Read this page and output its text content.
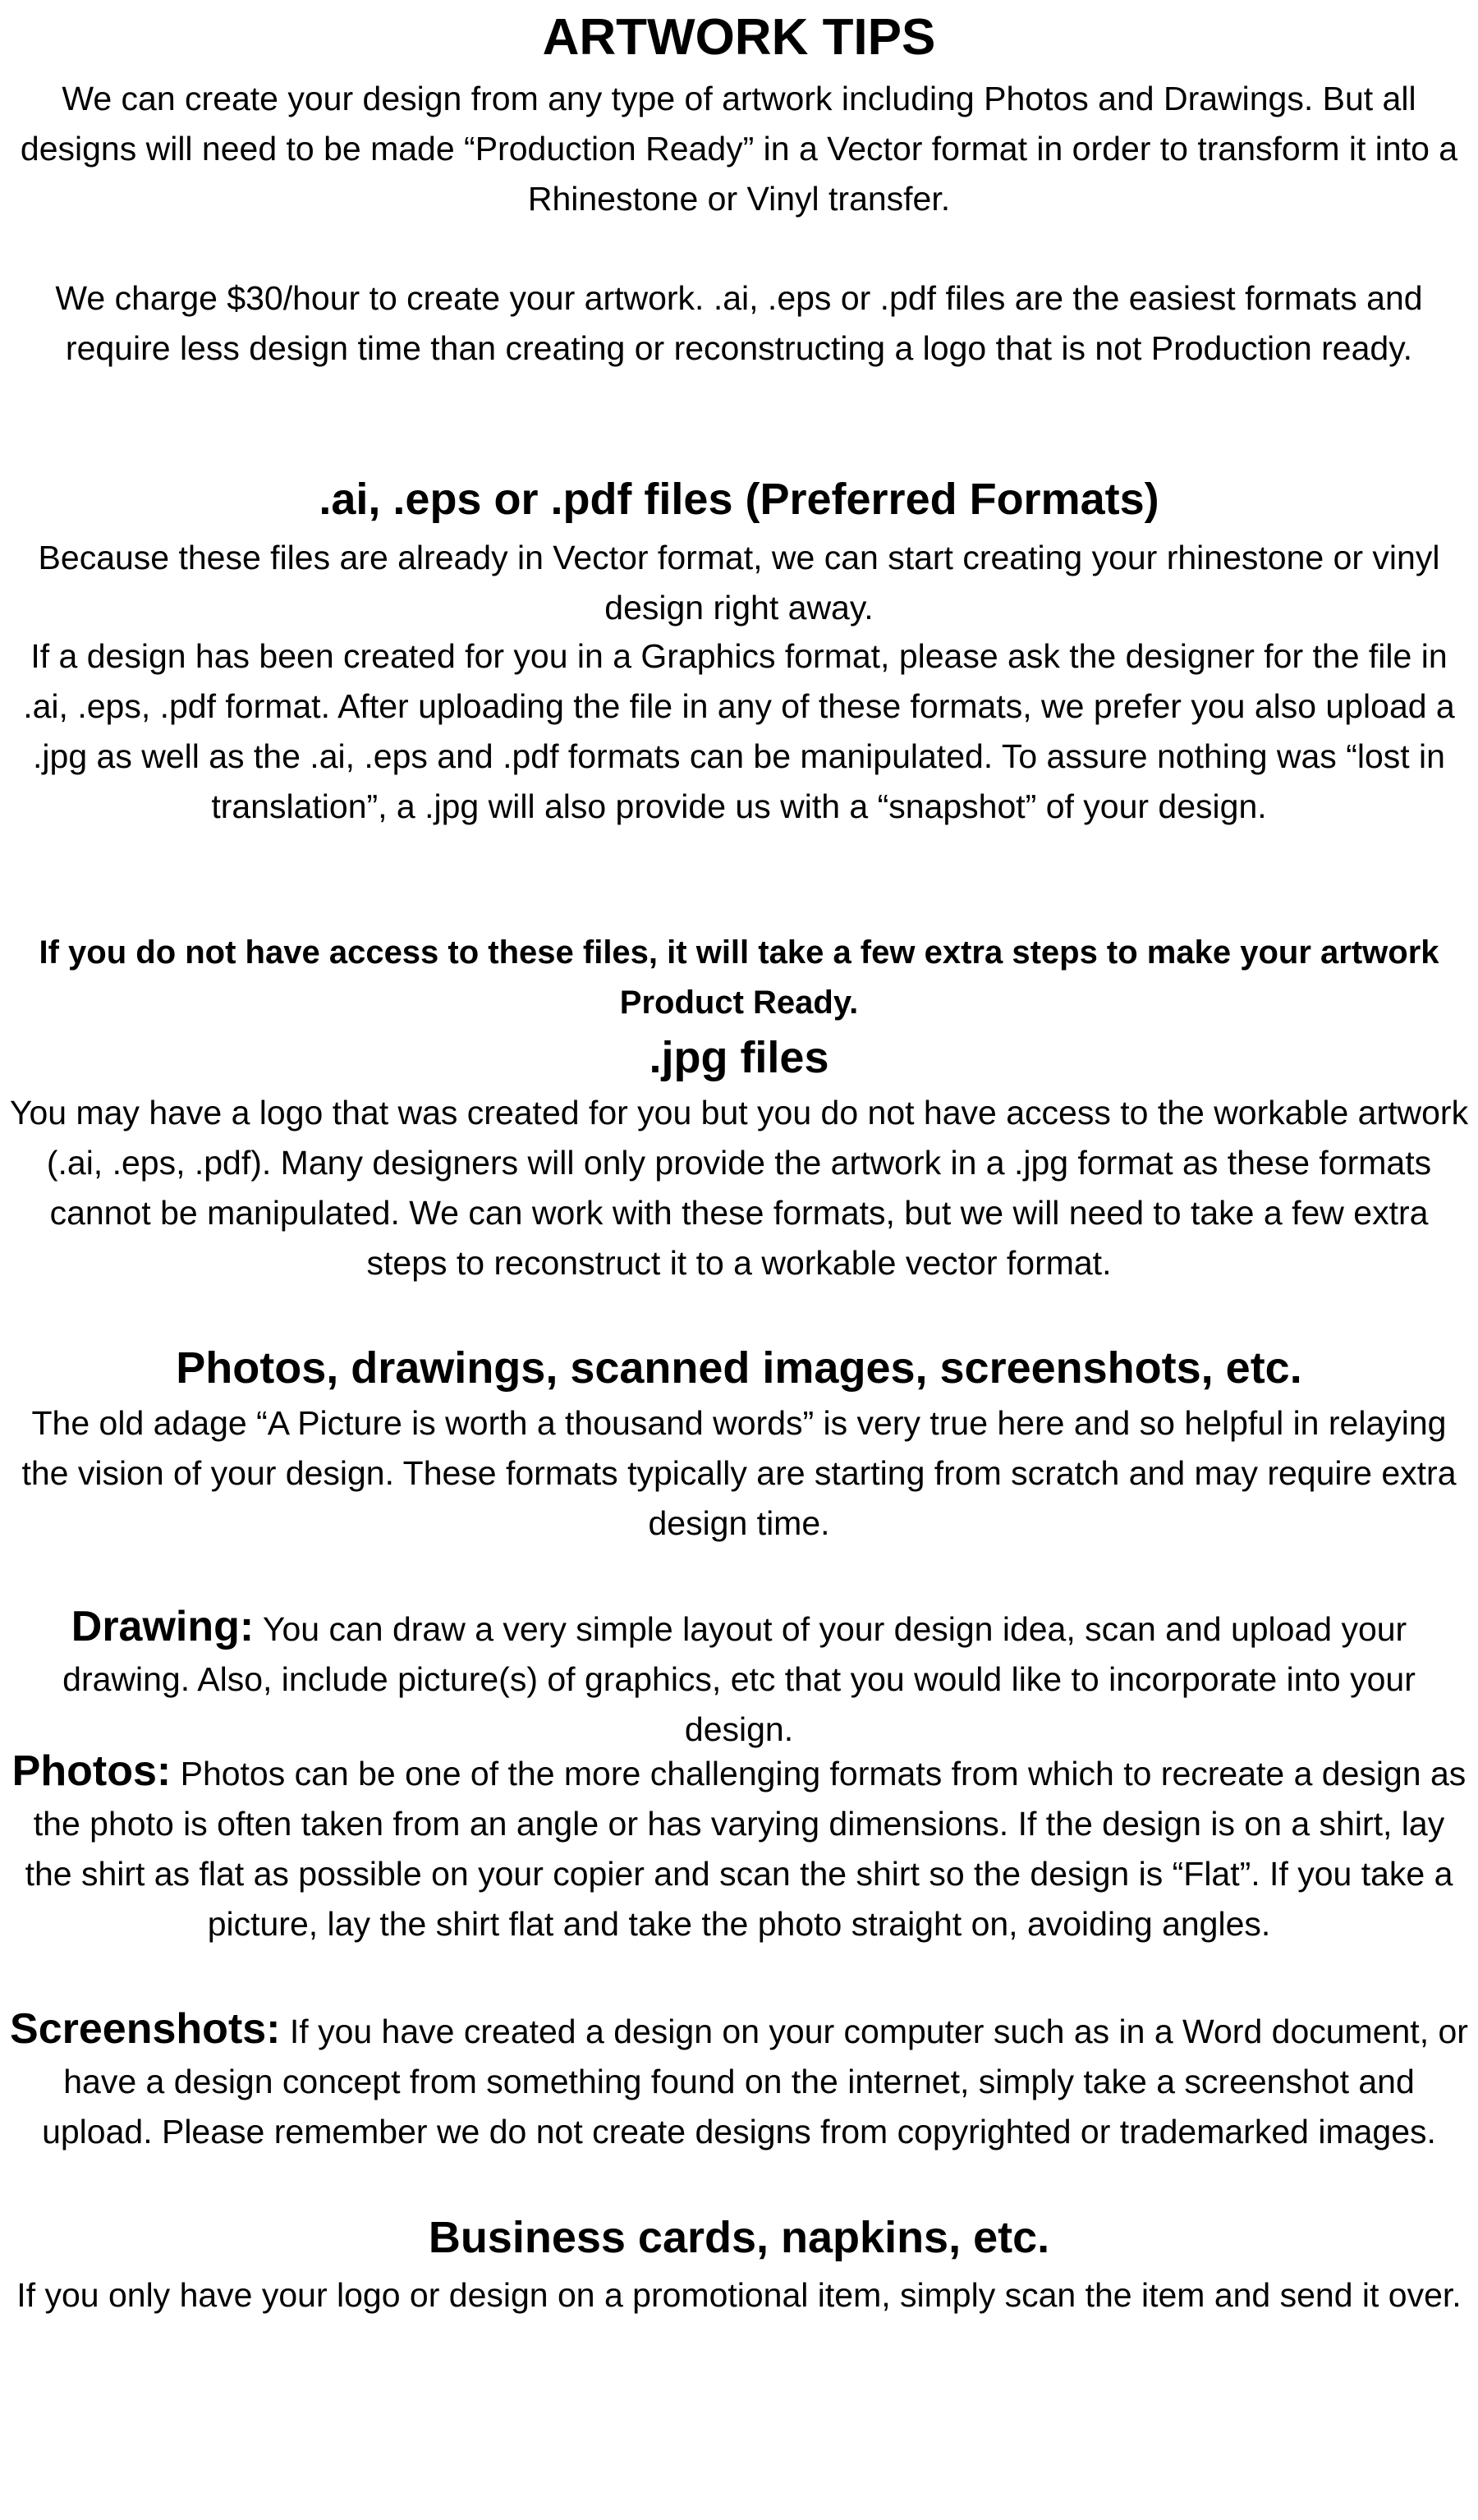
ARTWORK TIPS

We can create your design from any type of artwork including Photos and Drawings. But all designs will need to be made “Production Ready” in a Vector format in order to transform it into a Rhinestone or Vinyl transfer.

We charge $30/hour to create your artwork. .ai, .eps or .pdf files are the easiest formats and require less design time than creating or reconstructing a logo that is not Production ready.

.ai, .eps or .pdf files (Preferred Formats)

Because these files are already in Vector format, we can start creating your rhinestone or vinyl design right away.

If a design has been created for you in a Graphics format, please ask the designer for the file in .ai, .eps, .pdf format. After uploading the file in any of these formats, we prefer you also upload a .jpg as well as the .ai, .eps and .pdf formats can be manipulated. To assure nothing was “lost in translation”, a .jpg will also provide us with a “snapshot” of your design.

If you do not have access to these files, it will take a few extra steps to make your artwork Product Ready.

.jpg files

You may have a logo that was created for you but you do not have access to the workable artwork (.ai, .eps, .pdf). Many designers will only provide the artwork in a .jpg format as these formats cannot be manipulated. We can work with these formats, but we will need to take a few extra steps to reconstruct it to a workable vector format.

Photos, drawings, scanned images, screenshots, etc.

The old adage “A Picture is worth a thousand words” is very true here and so helpful in relaying the vision of your design. These formats typically are starting from scratch and may require extra design time.

Drawing: You can draw a very simple layout of your design idea, scan and upload your drawing. Also, include picture(s) of graphics, etc that you would like to incorporate into your design.

Photos: Photos can be one of the more challenging formats from which to recreate a design as the photo is often taken from an angle or has varying dimensions. If the design is on a shirt, lay the shirt as flat as possible on your copier and scan the shirt so the design is “Flat”. If you take a picture, lay the shirt flat and take the photo straight on, avoiding angles.

Screenshots: If you have created a design on your computer such as in a Word document, or have a design concept from something found on the internet, simply take a screenshot and upload. Please remember we do not create designs from copyrighted or trademarked images.

Business cards, napkins, etc.

If you only have your logo or design on a promotional item, simply scan the item and send it over.
